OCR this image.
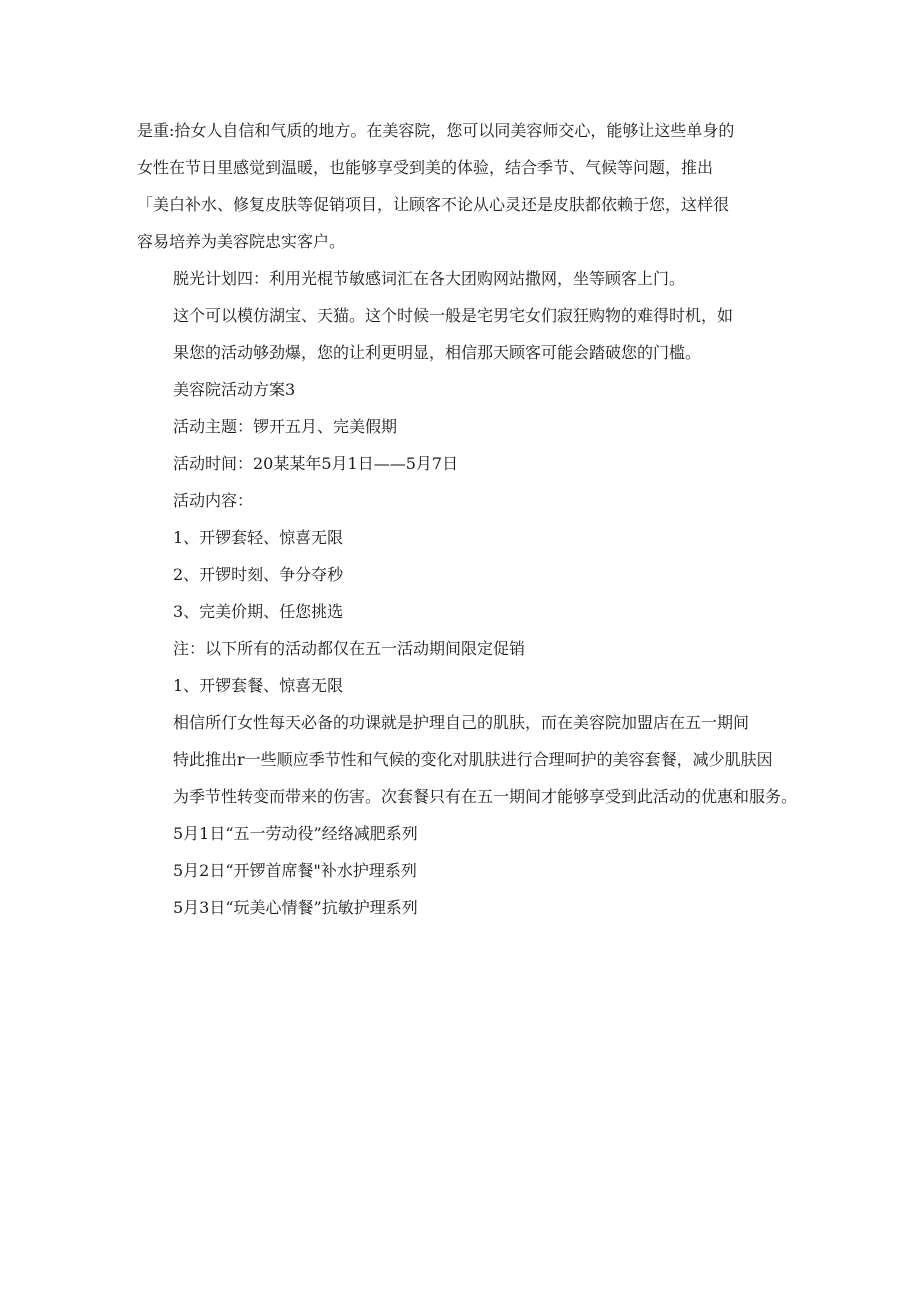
是重:拾女人自信和气质的地方。在美容院，您可以同美容师交心，能够让这些单身的
女性在节日里感觉到温暖，也能够享受到美的体验，结合季节、气候等问题，推出
「美白补水、修复皮肤等促销项目，让顾客不论从心灵还是皮肤都依赖于您，这样很
容易培养为美容院忠实客户。

脱光计划四：利用光棍节敏感词汇在各大团购网站撒网，坐等顾客上门。

这个可以模仿湖宝、天猫。这个时候一般是宅男宅女们寂狂购物的难得时机，如
果您的活动够劲爆，您的让利更明显，相信那天顾客可能会踏破您的门槛。

美容院活动方案3

活动主题：锣开五月、完美假期

活动时间：20某某年5月1日——5月7日

活动内容：

1、开锣套轻、惊喜无限

2、开锣时刻、争分夺秒

3、完美价期、任您挑选

注：以下所有的活动都仅在五一活动期间限定促销

1、开锣套餐、惊喜无限

相信所仃女性每天必备的功课就是护理自己的肌肤，而在美容院加盟店在五一期间
特此推出r一些顺应季节性和气候的变化对肌肤进行合理呵护的美容套餐，减少肌肤因
为季节性转变而带来的伤害。次套餐只有在五一期间才能够享受到此活动的优惠和服务。

5月1日“五一劳动役”经络减肥系列

5月2日“开锣首席餐"补水护理系列

5月3日“玩美心情餐”抗敏护理系列
